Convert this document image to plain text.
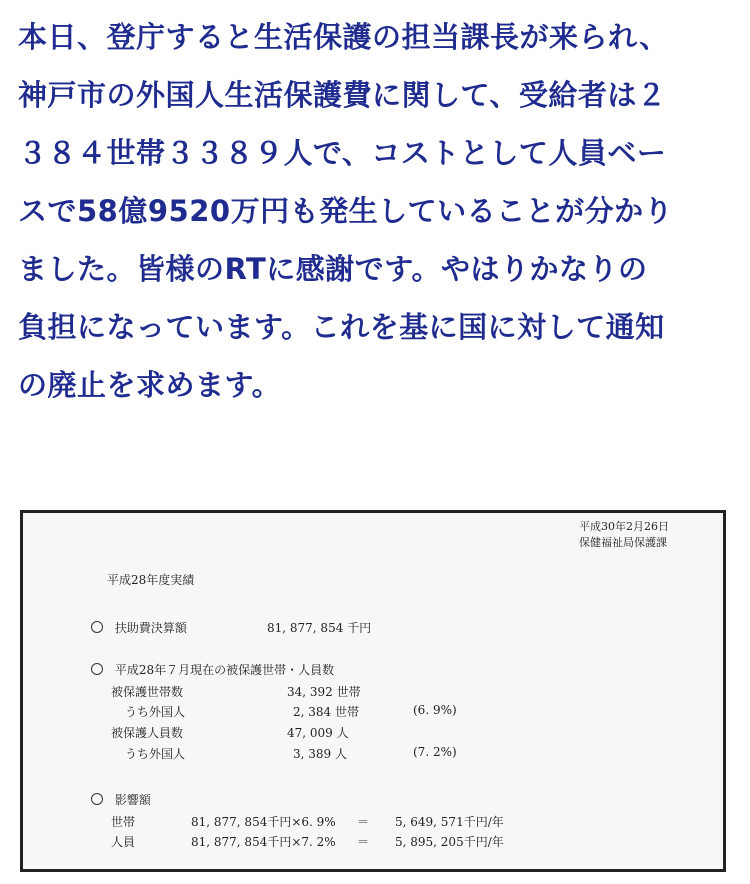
本日、登庁すると生活保護の担当課長が来られ、
神戸市の外国人生活保護費に関して、受給者は２
３８４世帯３３８９人で、コストとして人員ベー
スで58億9520万円も発生していることが分かり
ました。皆様のRTに感謝です。やはりかなりの
負担になっています。これを基に国に対して通知
の廃止を求めます。
平成30年2月26日
保健福祉局保護課
平成28年度実績
扶助費決算額	81, 877, 854 千円
平成28年７月現在の被保護世帯・人員数
被保護世帯数	34, 392 世帯
うち外国人	2, 384 世帯	(6. 9%)
被保護人員数	47, 009 人
うち外国人	3, 389 人	(7. 2%)
影響額
世帯	81, 877, 854千円×6. 9% ＝ 5, 649, 571千円/年
人員	81, 877, 854千円×7. 2% ＝ 5, 895, 205千円/年
